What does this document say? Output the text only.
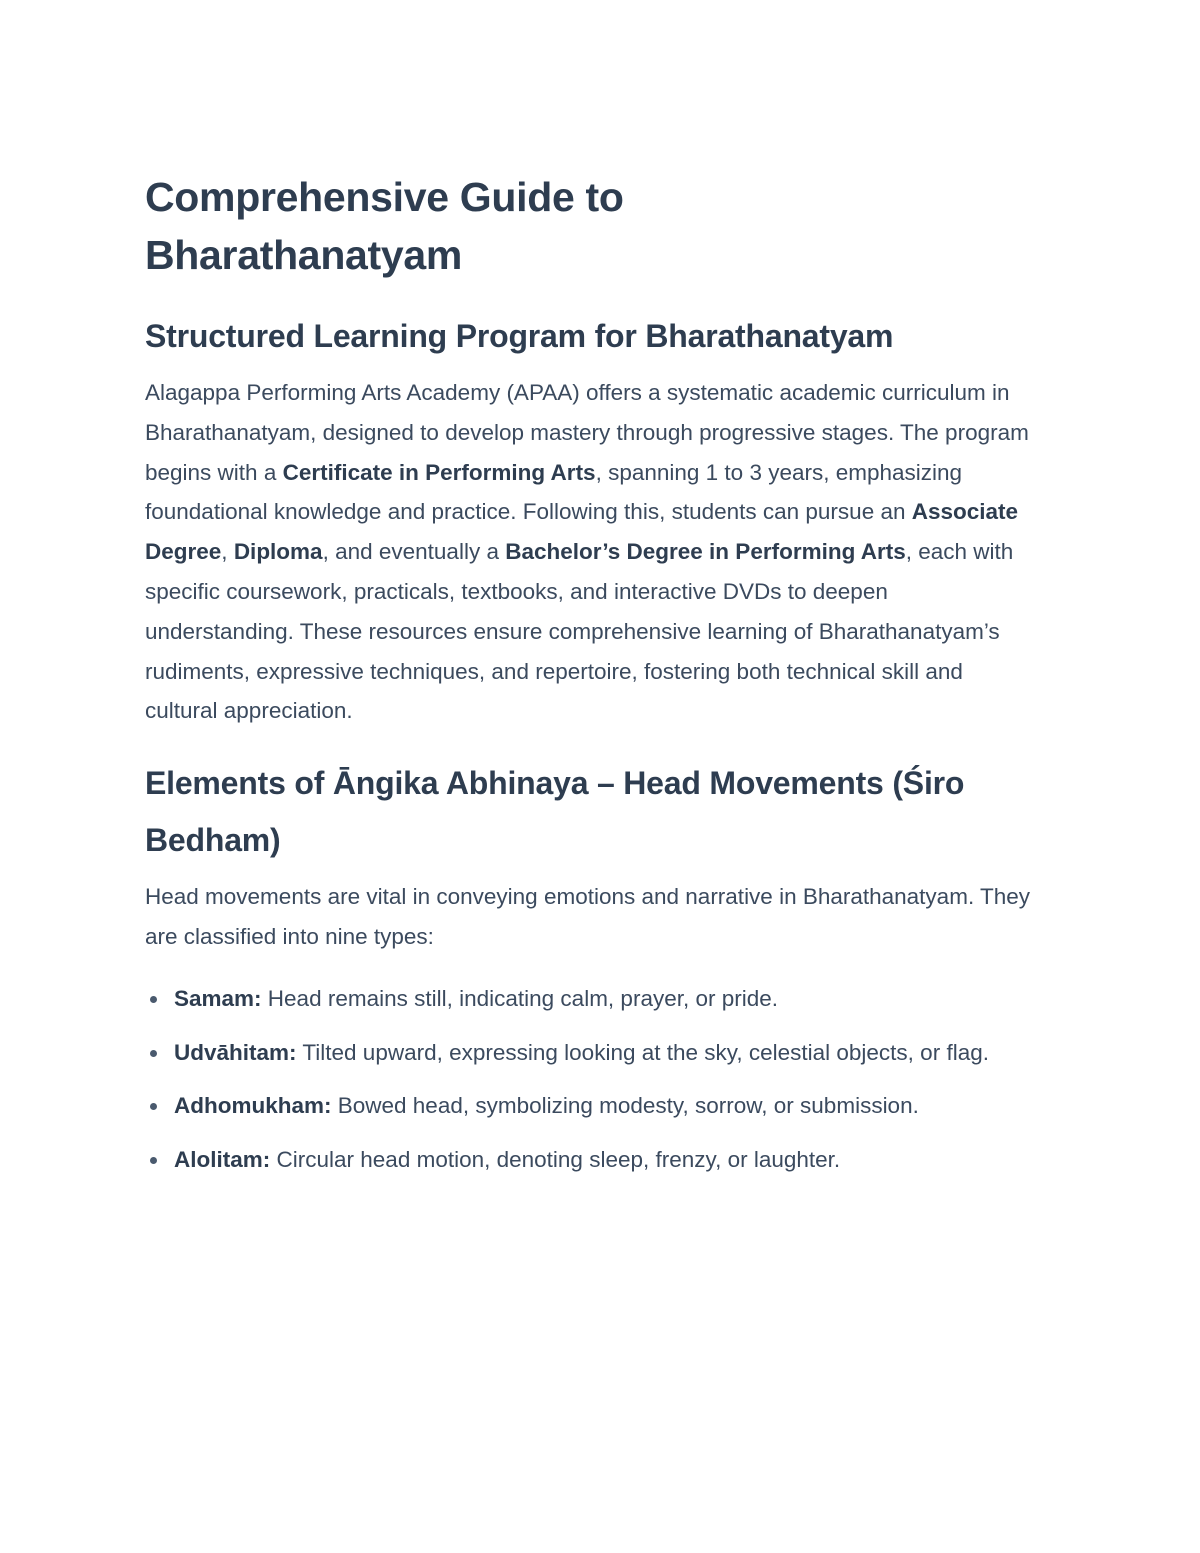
Comprehensive Guide to Bharathanatyam
Structured Learning Program for Bharathanatyam

Alagappa Performing Arts Academy (APAA) offers a systematic academic curriculum in Bharathanatyam, designed to develop mastery through progressive stages. The program begins with a Certificate in Performing Arts, spanning 1 to 3 years, emphasizing foundational knowledge and practice. Following this, students can pursue an Associate Degree, Diploma, and eventually a Bachelor’s Degree in Performing Arts, each with specific coursework, practicals, textbooks, and interactive DVDs to deepen understanding. These resources ensure comprehensive learning of Bharathanatyam’s rudiments, expressive techniques, and repertoire, fostering both technical skill and cultural appreciation.

Elements of Āngika Abhinaya – Head Movements (Śiro Bedham)

Head movements are vital in conveying emotions and narrative in Bharathanatyam. They are classified into nine types:

Samam: Head remains still, indicating calm, prayer, or pride.
Udvāhitam: Tilted upward, expressing looking at the sky, celestial objects, or flag.
Adhomukham: Bowed head, symbolizing modesty, sorrow, or submission.
Alolitam: Circular head motion, denoting sleep, frenzy, or laughter.
